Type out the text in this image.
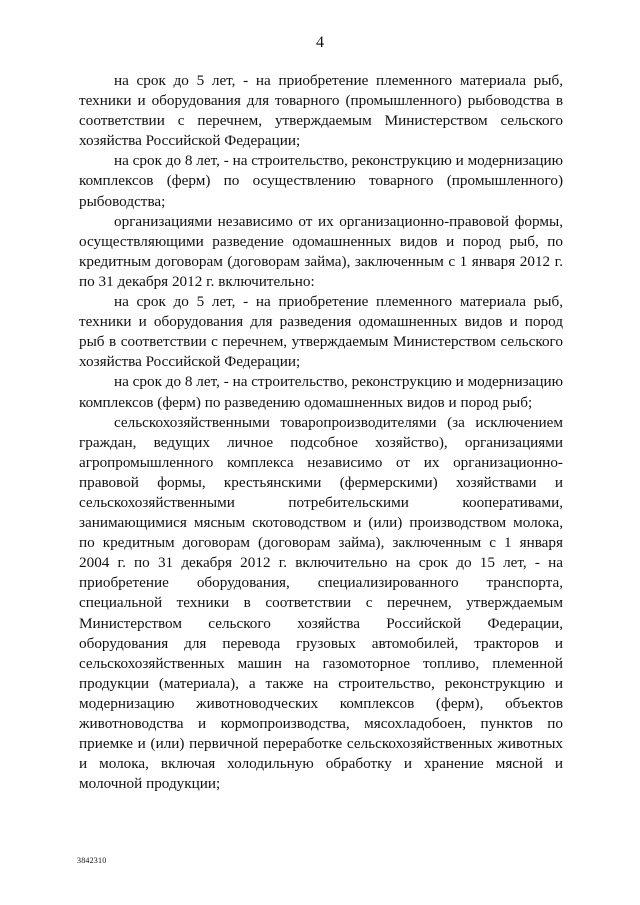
4

на срок до 5 лет, - на приобретение племенного материала рыб, техники и оборудования для товарного (промышленного) рыбоводства в соответствии с перечнем, утверждаемым Министерством сельского хозяйства Российской Федерации;

на срок до 8 лет, - на строительство, реконструкцию и модернизацию комплексов (ферм) по осуществлению товарного (промышленного) рыбоводства;

организациями независимо от их организационно-правовой формы, осуществляющими разведение одомашненных видов и пород рыб, по кредитным договорам (договорам займа), заключенным с 1 января 2012 г. по 31 декабря 2012 г. включительно:

на срок до 5 лет, - на приобретение племенного материала рыб, техники и оборудования для разведения одомашненных видов и пород рыб в соответствии с перечнем, утверждаемым Министерством сельского хозяйства Российской Федерации;

на срок до 8 лет, - на строительство, реконструкцию и модернизацию комплексов (ферм) по разведению одомашненных видов и пород рыб;

сельскохозяйственными товаропроизводителями (за исключением граждан, ведущих личное подсобное хозяйство), организациями агропромышленного комплекса независимо от их организационно-правовой формы, крестьянскими (фермерскими) хозяйствами и сельскохозяйственными потребительскими кооперативами, занимающимися мясным скотоводством и (или) производством молока, по кредитным договорам (договорам займа), заключенным с 1 января 2004 г. по 31 декабря 2012 г. включительно на срок до 15 лет, - на приобретение оборудования, специализированного транспорта, специальной техники в соответствии с перечнем, утверждаемым Министерством сельского хозяйства Российской Федерации, оборудования для перевода грузовых автомобилей, тракторов и сельскохозяйственных машин на газомоторное топливо, племенной продукции (материала), а также на строительство, реконструкцию и модернизацию животноводческих комплексов (ферм), объектов животноводства и кормопроизводства, мясохладобоен, пунктов по приемке и (или) первичной переработке сельскохозяйственных животных и молока, включая холодильную обработку и хранение мясной и молочной продукции;

3842310
